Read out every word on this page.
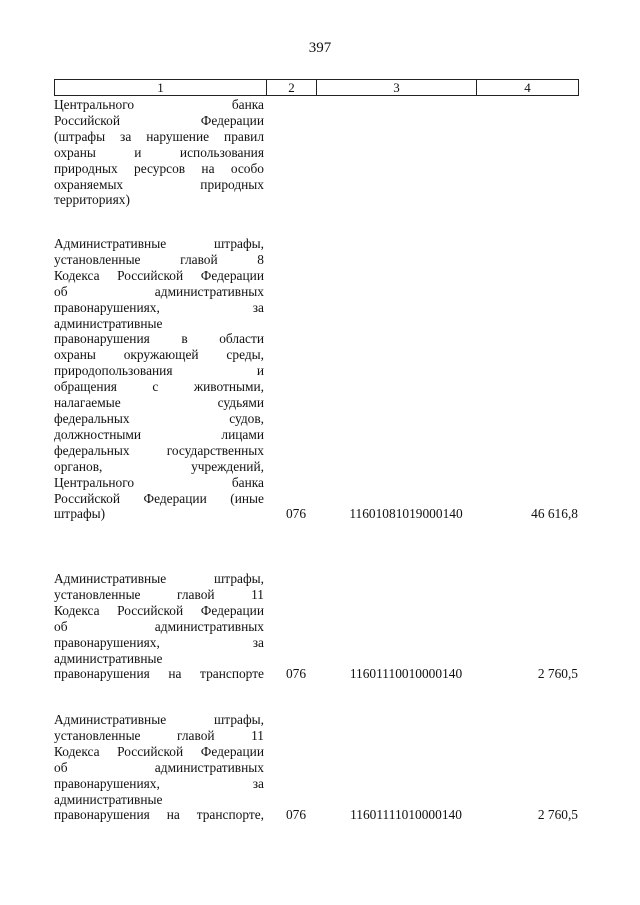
397
1	2	3	4
Центрального банка
Российской Федерации
(штрафы за нарушение правил
охраны и использования
природных ресурсов на особо
охраняемых природных
территориях)
Административные штрафы,
установленные главой 8
Кодекса Российской Федерации
об административных
правонарушениях, за
административные
правонарушения в области
охраны окружающей среды,
природопользования и
обращения с животными,
налагаемые судьями
федеральных судов,
должностными лицами
федеральных государственных
органов, учреждений,
Центрального банка
Российской Федерации (иные
штрафы)	076	11601081019000140	46 616,8
Административные штрафы,
установленные главой 11
Кодекса Российской Федерации
об административных
правонарушениях, за
административные
правонарушения на транспорте	076	11601110010000140	2 760,5
Административные штрафы,
установленные главой 11
Кодекса Российской Федерации
об административных
правонарушениях, за
административные
правонарушения на транспорте,	076	11601111010000140	2 760,5
